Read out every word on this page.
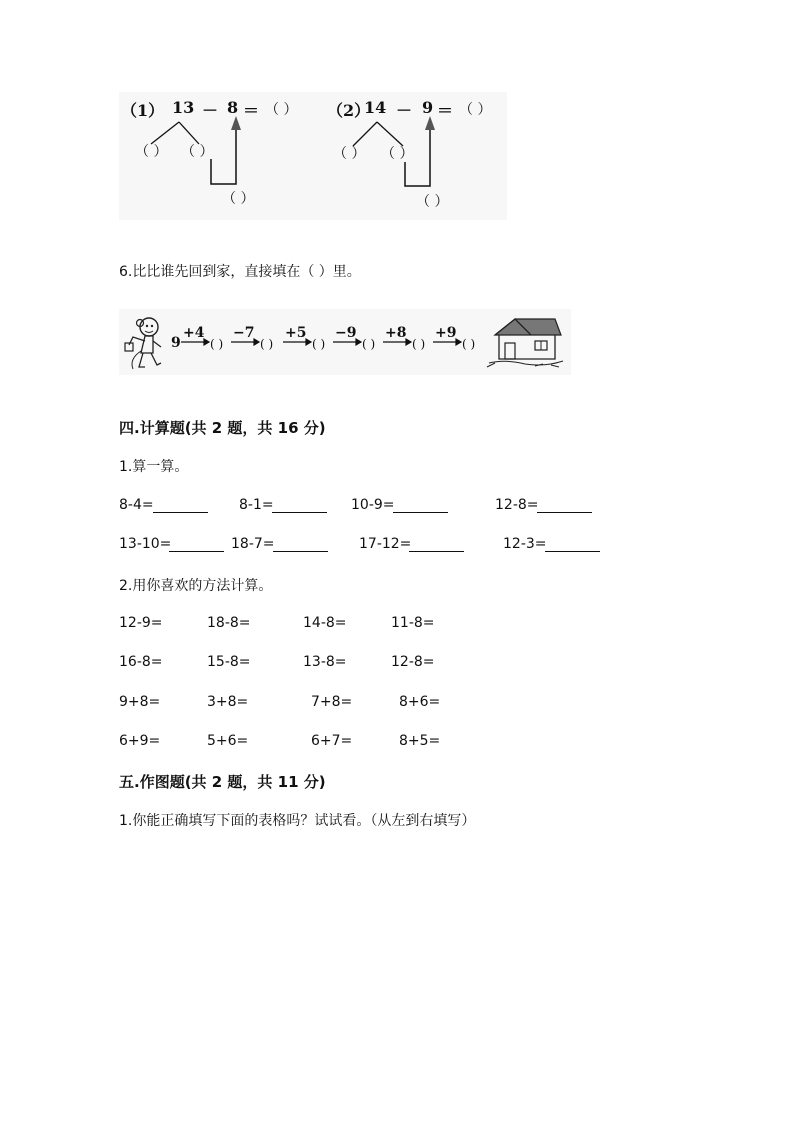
（1） 13 － 8 ＝ （ ）
（ ） （ ）
（ ）
（2）
14 － 9 ＝ （ ）
（ ） （ ）
（ ）
6.比比谁先回到家，直接填在（ ）里。
9
+4 −7 +5 −9 +8 +9
( )	( )	( )	( )	( )	( )
四.计算题(共 2 题，共 16 分)
1.算一算。
8-4=	8-1=	10-9=	12-8=
13-10=	18-7=	17-12=	12-3=
2.用你喜欢的方法计算。
12-9=	18-8=	14-8=	11-8=
16-8=	15-8=	13-8=	12-8=
9+8=	3+8=	7+8=	8+6=
6+9=	5+6=	6+7=	8+5=
五.作图题(共 2 题，共 11 分)
1.你能正确填写下面的表格吗？试试看。（从左到右填写）
